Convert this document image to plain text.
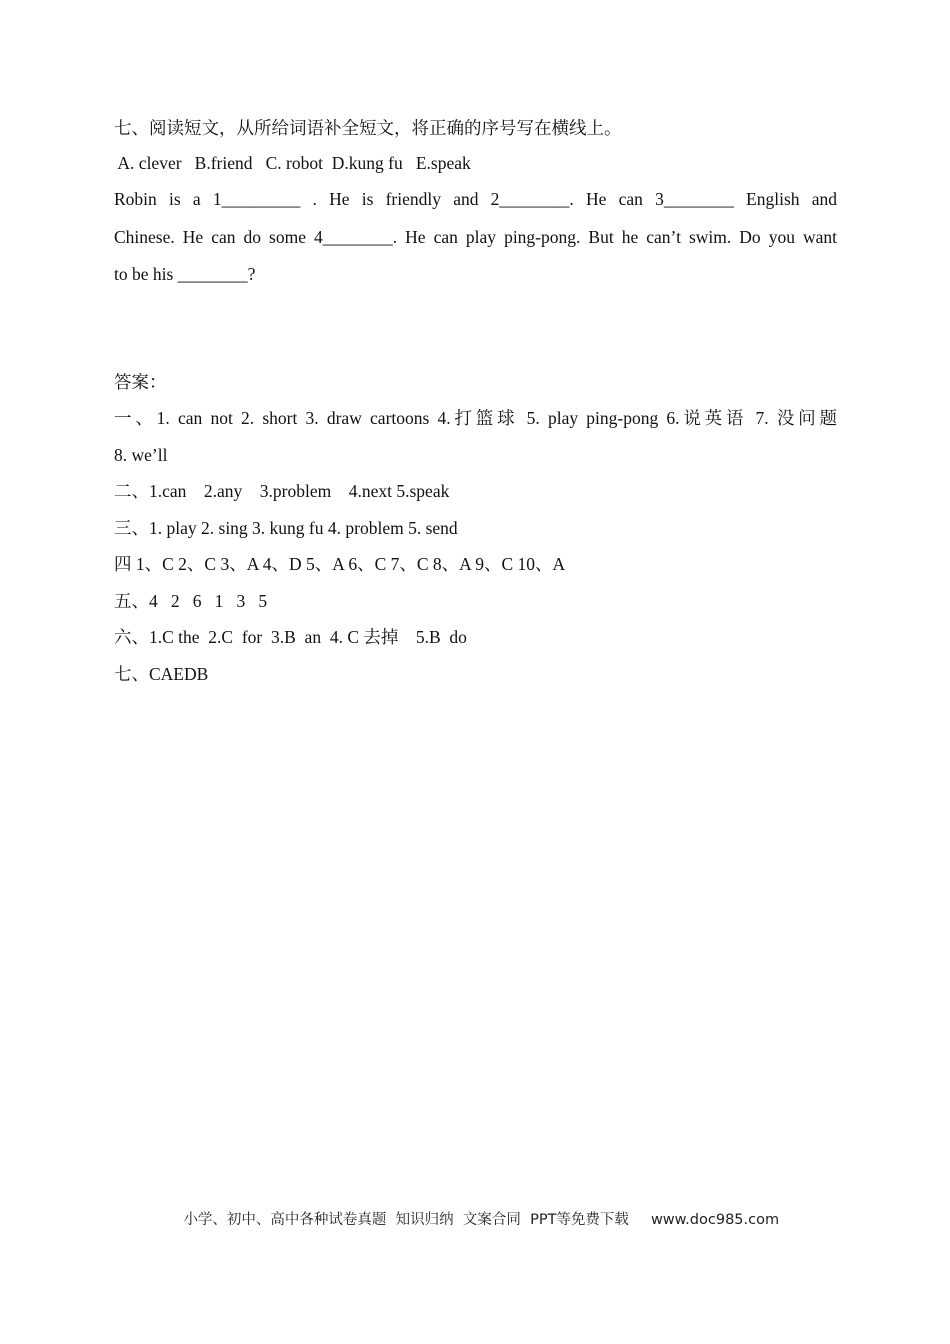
七、阅读短文，从所给词语补全短文，将正确的序号写在横线上。
A. clever   B.friend   C. robot  D.kung fu   E.speak
Robin is a 1_________ . He is friendly and 2________. He can 3________ English and
Chinese. He can do some 4________. He can play ping-pong. But he can’t swim. Do you want
to be his ________?
答案：
一、1. can not 2. short 3. draw cartoons 4.打篮球 5. play ping-pong 6.说英语 7. 没问题
8. we’ll
二、1.can    2.any    3.problem    4.next 5.speak
三、1. play 2. sing 3. kung fu 4. problem 5. send
四 1、C 2、C 3、A 4、D 5、A 6、C 7、C 8、A 9、C 10、A
五、4   2   6   1   3   5
六、1.C the  2.C  for  3.B  an  4. C 去掉    5.B  do
七、CAEDB

小学、初中、高中各种试卷真题  知识归纳  文案合同  PPT等免费下载 www.doc985.com
